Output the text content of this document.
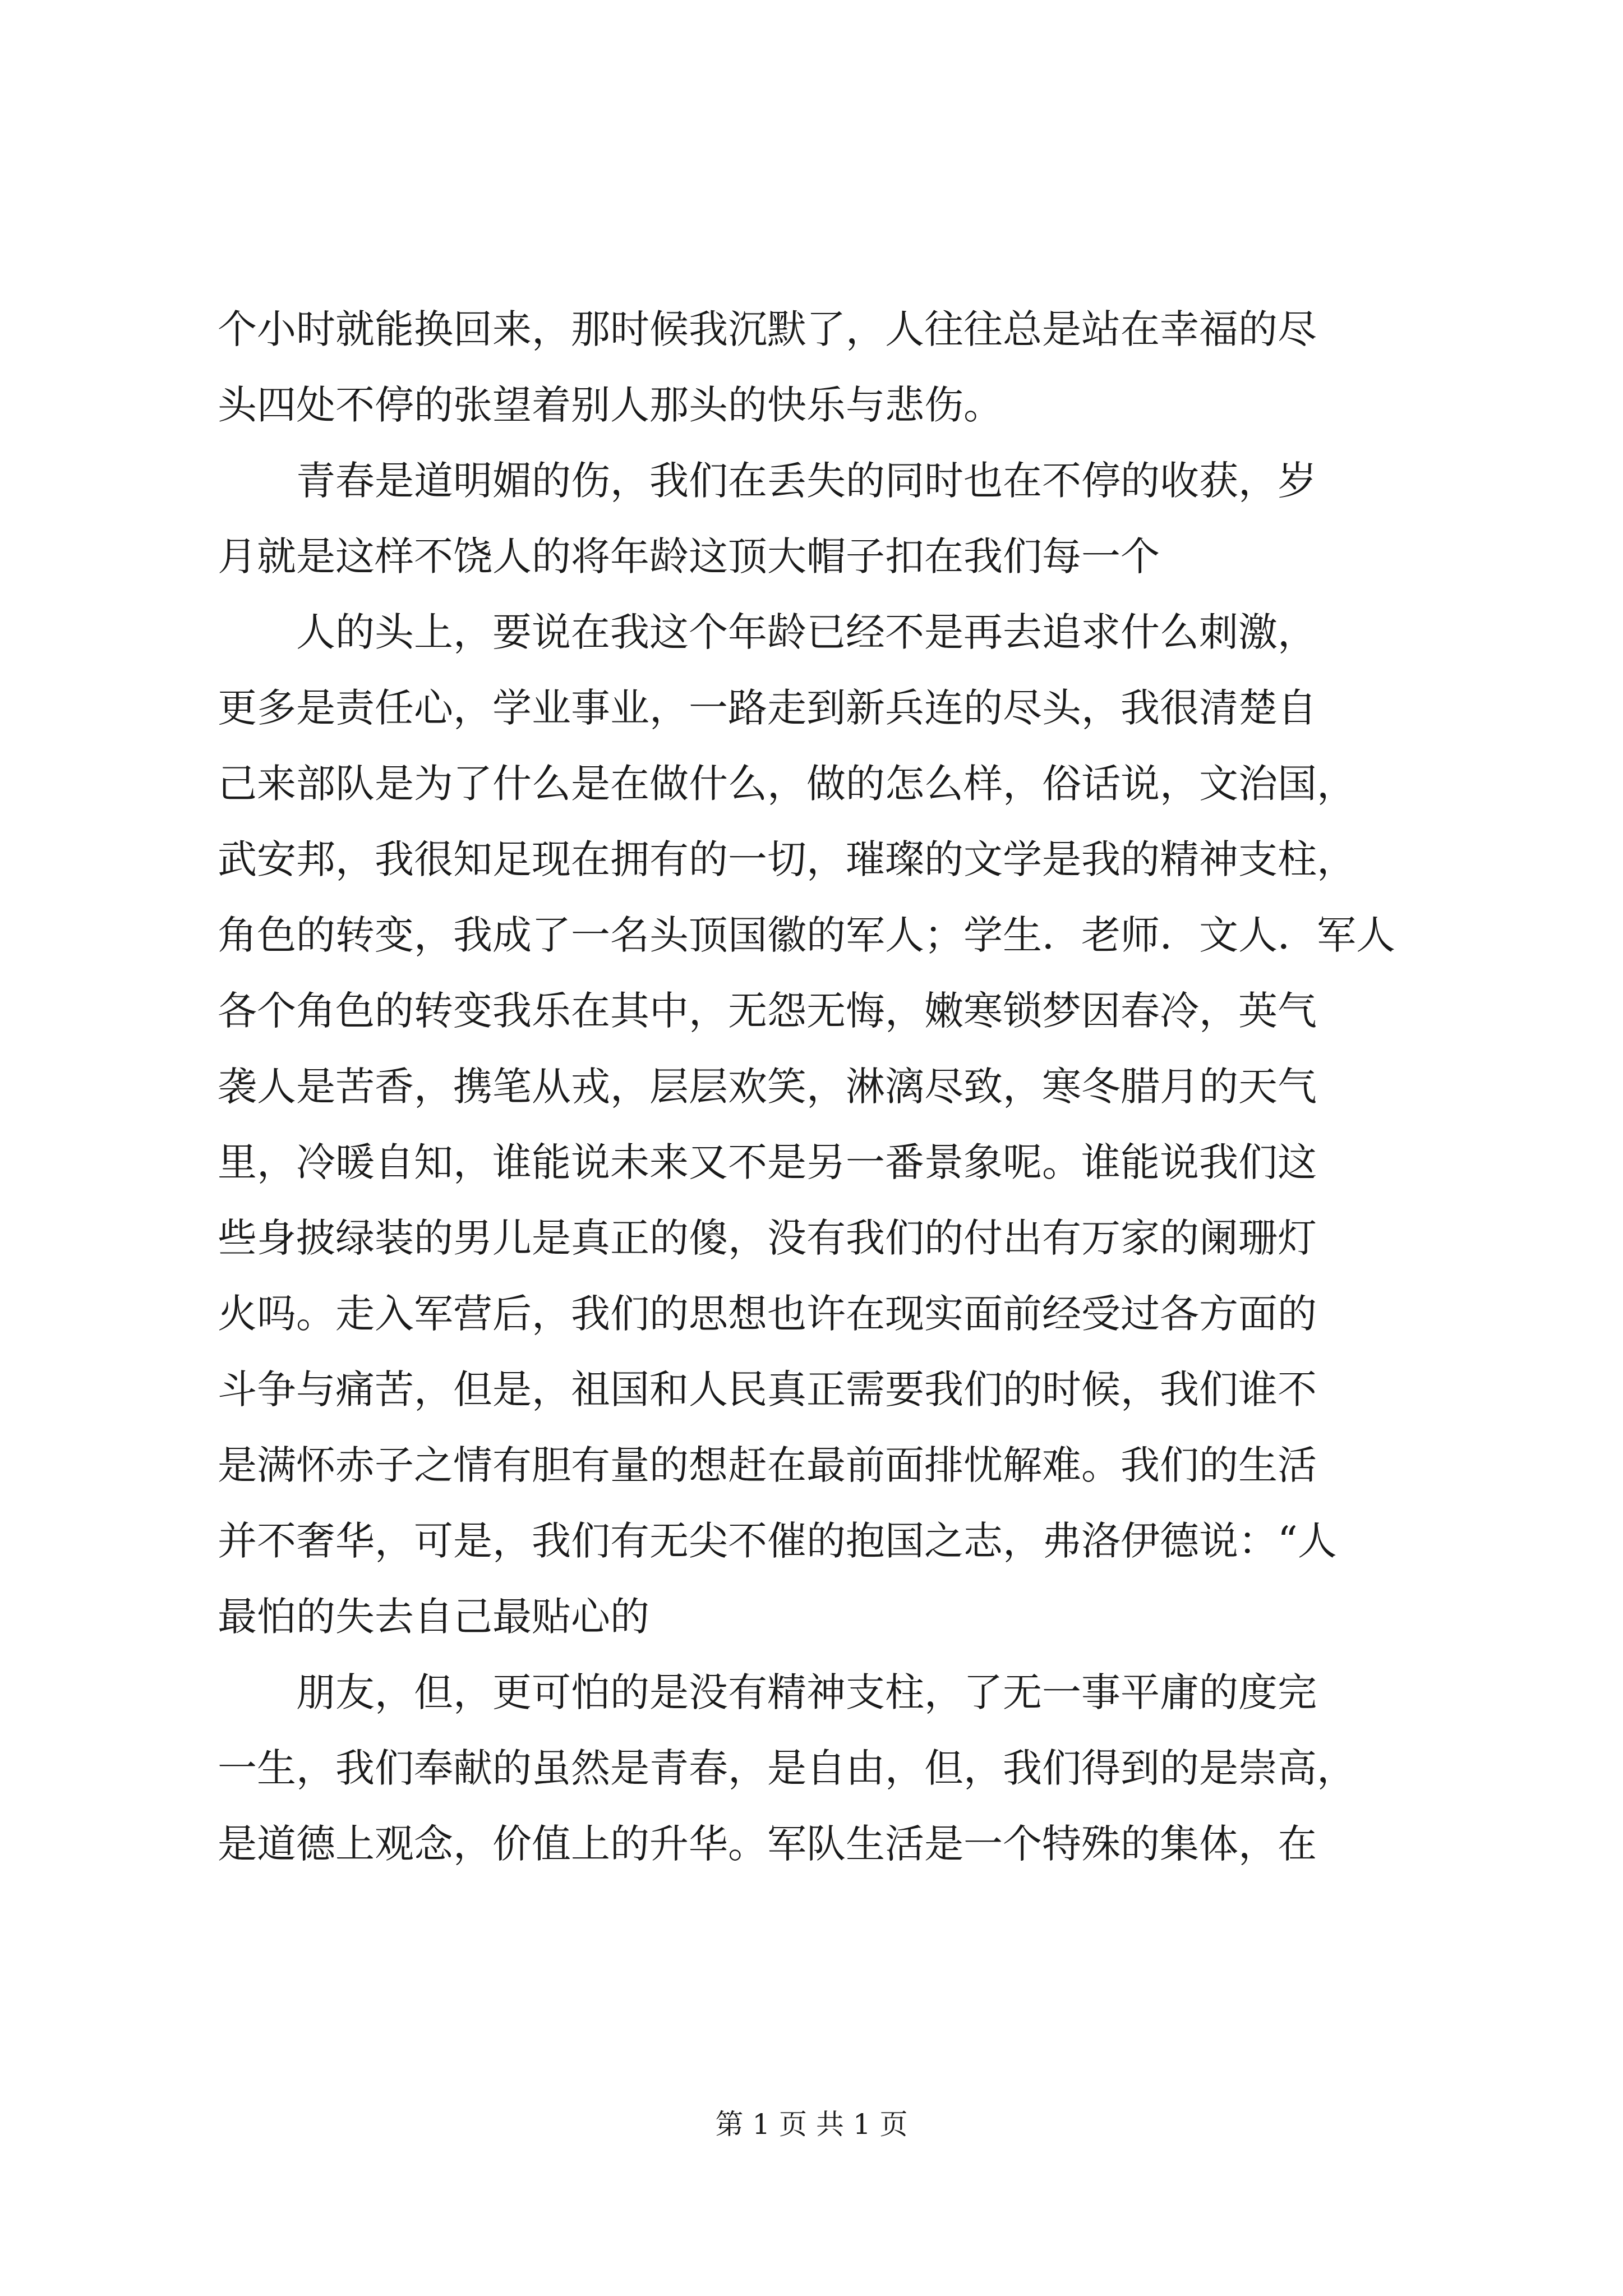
个小时就能换回来，那时候我沉默了，人往往总是站在幸福的尽
头四处不停的张望着别人那头的快乐与悲伤。
青春是道明媚的伤，我们在丢失的同时也在不停的收获，岁
月就是这样不饶人的将年龄这顶大帽子扣在我们每一个
人的头上，要说在我这个年龄已经不是再去追求什么刺激，
更多是责任心，学业事业，一路走到新兵连的尽头，我很清楚自
己来部队是为了什么是在做什么，做的怎么样，俗话说，文治国，
武安邦，我很知足现在拥有的一切，璀璨的文学是我的精神支柱，
角色的转变，我成了一名头顶国徽的军人；学生．老师．文人．军人
各个角色的转变我乐在其中，无怨无悔，嫩寒锁梦因春冷，英气
袭人是苦香，携笔从戎，层层欢笑，淋漓尽致，寒冬腊月的天气
里，冷暖自知，谁能说未来又不是另一番景象呢。谁能说我们这
些身披绿装的男儿是真正的傻，没有我们的付出有万家的阑珊灯
火吗。走入军营后，我们的思想也许在现实面前经受过各方面的
斗争与痛苦，但是，祖国和人民真正需要我们的时候，我们谁不
是满怀赤子之情有胆有量的想赶在最前面排忧解难。我们的生活
并不奢华，可是，我们有无尖不催的抱国之志，弗洛伊德说：“人
最怕的失去自己最贴心的
朋友，但，更可怕的是没有精神支柱，了无一事平庸的度完
一生，我们奉献的虽然是青春，是自由，但，我们得到的是崇高，
是道德上观念，价值上的升华。军队生活是一个特殊的集体，在
第 1 页 共 1 页
